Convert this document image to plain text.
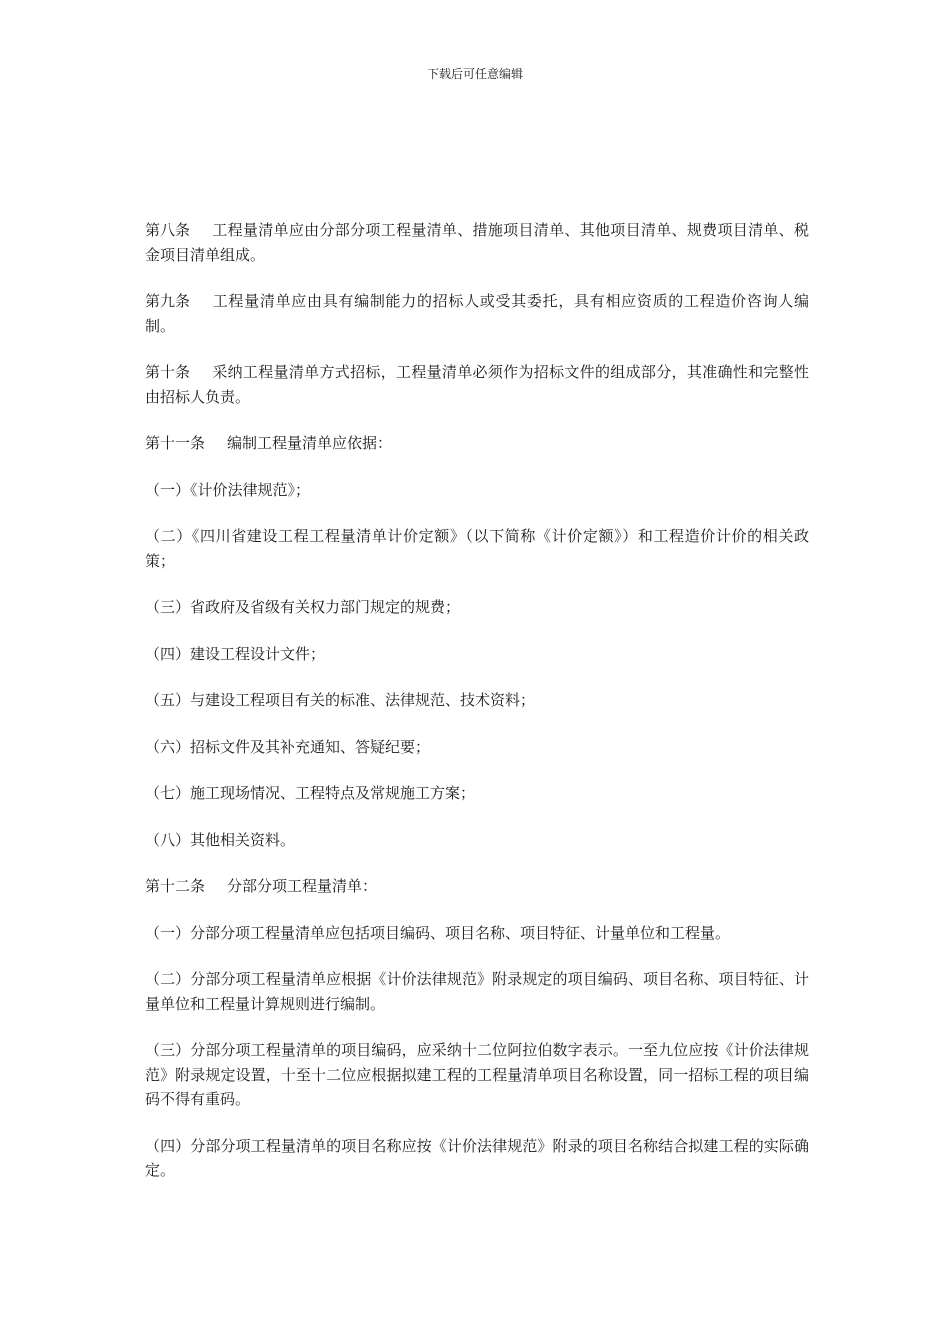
下载后可任意编辑

第八条 工程量清单应由分部分项工程量清单、措施项目清单、其他项目清单、规费项目清单、税金项目清单组成。

第九条 工程量清单应由具有编制能力的招标人或受其委托，具有相应资质的工程造价咨询人编制。

第十条 采纳工程量清单方式招标，工程量清单必须作为招标文件的组成部分，其准确性和完整性由招标人负责。

第十一条 编制工程量清单应依据：

（一）《计价法律规范》；

（二）《四川省建设工程工程量清单计价定额》（以下简称《计价定额》）和工程造价计价的相关政策；

（三）省政府及省级有关权力部门规定的规费；

（四）建设工程设计文件；

（五）与建设工程项目有关的标准、法律规范、技术资料；

（六）招标文件及其补充通知、答疑纪要；

（七）施工现场情况、工程特点及常规施工方案；

（八）其他相关资料。

第十二条 分部分项工程量清单：

（一）分部分项工程量清单应包括项目编码、项目名称、项目特征、计量单位和工程量。

（二）分部分项工程量清单应根据《计价法律规范》附录规定的项目编码、项目名称、项目特征、计量单位和工程量计算规则进行编制。

（三）分部分项工程量清单的项目编码，应采纳十二位阿拉伯数字表示。一至九位应按《计价法律规范》附录规定设置，十至十二位应根据拟建工程的工程量清单项目名称设置，同一招标工程的项目编码不得有重码。

（四）分部分项工程量清单的项目名称应按《计价法律规范》附录的项目名称结合拟建工程的实际确定。
